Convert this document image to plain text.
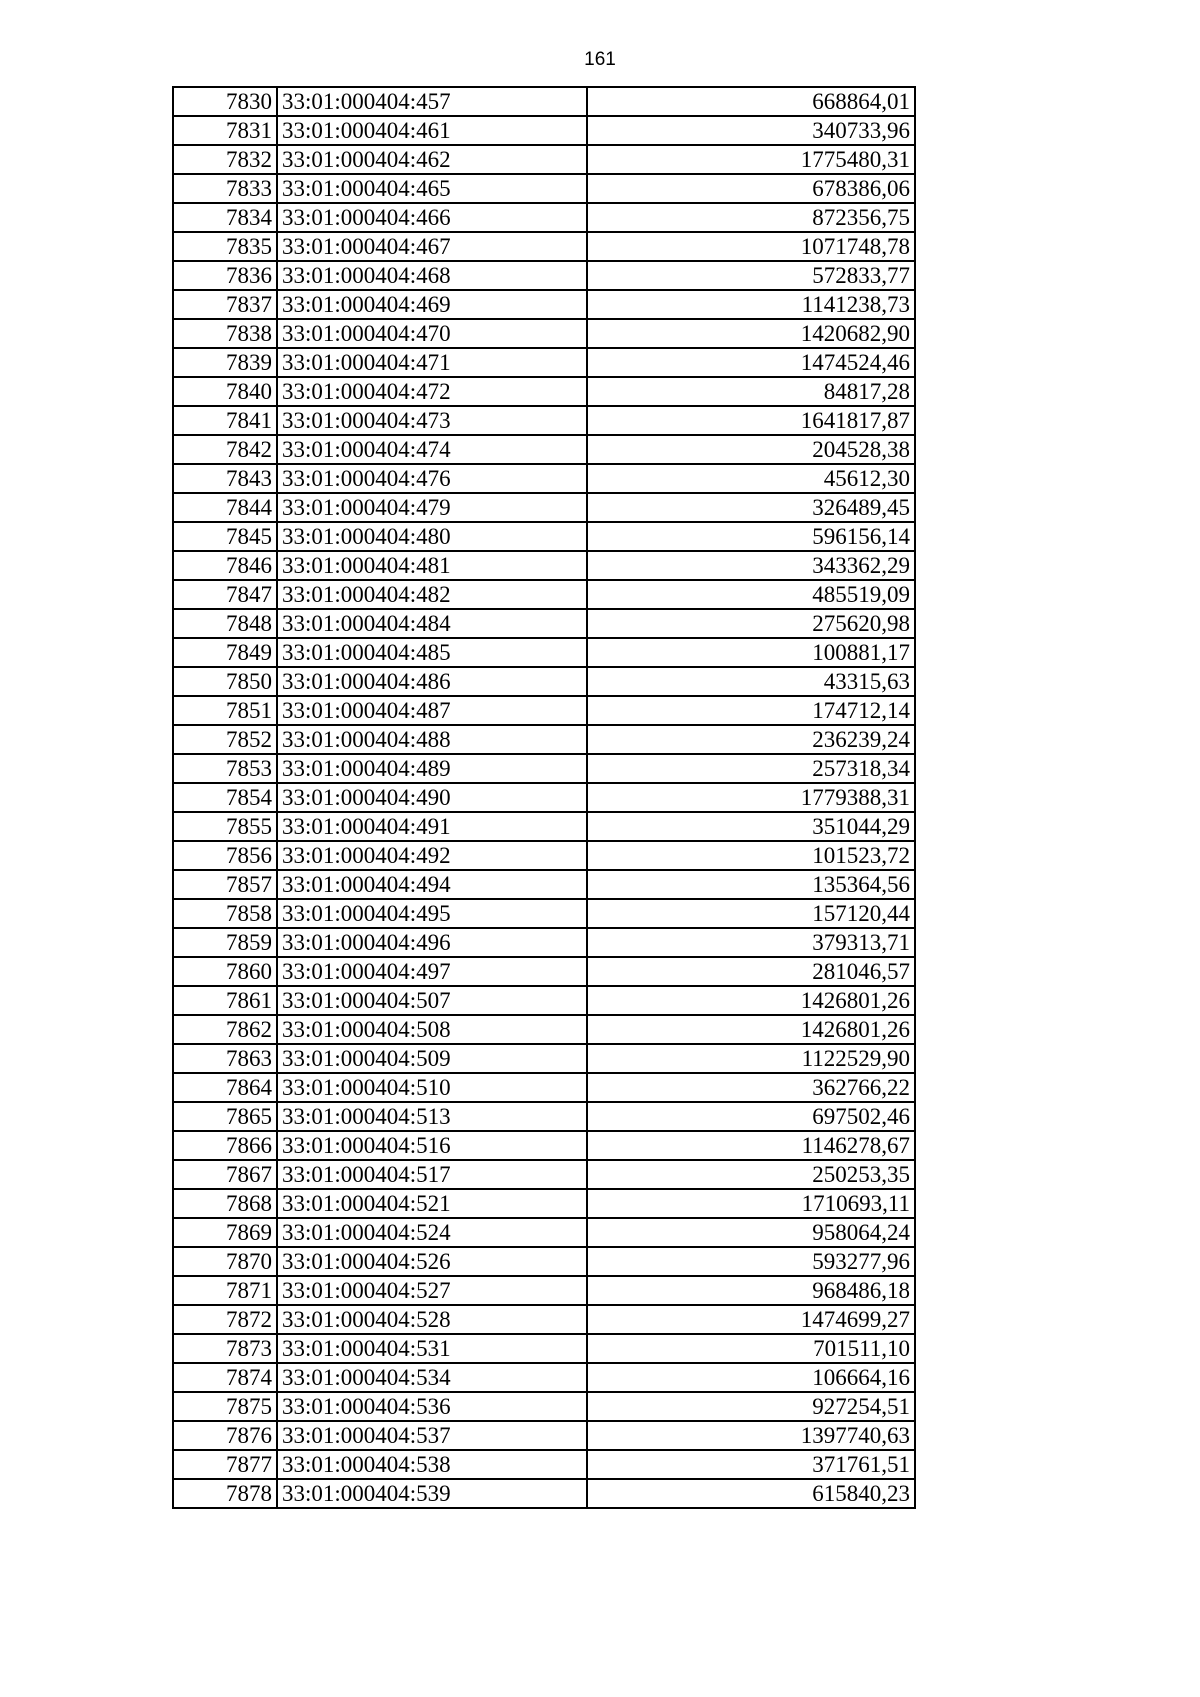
161
7830	33:01:000404:457	668864,01
7831	33:01:000404:461	340733,96
7832	33:01:000404:462	1775480,31
7833	33:01:000404:465	678386,06
7834	33:01:000404:466	872356,75
7835	33:01:000404:467	1071748,78
7836	33:01:000404:468	572833,77
7837	33:01:000404:469	1141238,73
7838	33:01:000404:470	1420682,90
7839	33:01:000404:471	1474524,46
7840	33:01:000404:472	84817,28
7841	33:01:000404:473	1641817,87
7842	33:01:000404:474	204528,38
7843	33:01:000404:476	45612,30
7844	33:01:000404:479	326489,45
7845	33:01:000404:480	596156,14
7846	33:01:000404:481	343362,29
7847	33:01:000404:482	485519,09
7848	33:01:000404:484	275620,98
7849	33:01:000404:485	100881,17
7850	33:01:000404:486	43315,63
7851	33:01:000404:487	174712,14
7852	33:01:000404:488	236239,24
7853	33:01:000404:489	257318,34
7854	33:01:000404:490	1779388,31
7855	33:01:000404:491	351044,29
7856	33:01:000404:492	101523,72
7857	33:01:000404:494	135364,56
7858	33:01:000404:495	157120,44
7859	33:01:000404:496	379313,71
7860	33:01:000404:497	281046,57
7861	33:01:000404:507	1426801,26
7862	33:01:000404:508	1426801,26
7863	33:01:000404:509	1122529,90
7864	33:01:000404:510	362766,22
7865	33:01:000404:513	697502,46
7866	33:01:000404:516	1146278,67
7867	33:01:000404:517	250253,35
7868	33:01:000404:521	1710693,11
7869	33:01:000404:524	958064,24
7870	33:01:000404:526	593277,96
7871	33:01:000404:527	968486,18
7872	33:01:000404:528	1474699,27
7873	33:01:000404:531	701511,10
7874	33:01:000404:534	106664,16
7875	33:01:000404:536	927254,51
7876	33:01:000404:537	1397740,63
7877	33:01:000404:538	371761,51
7878	33:01:000404:539	615840,23
